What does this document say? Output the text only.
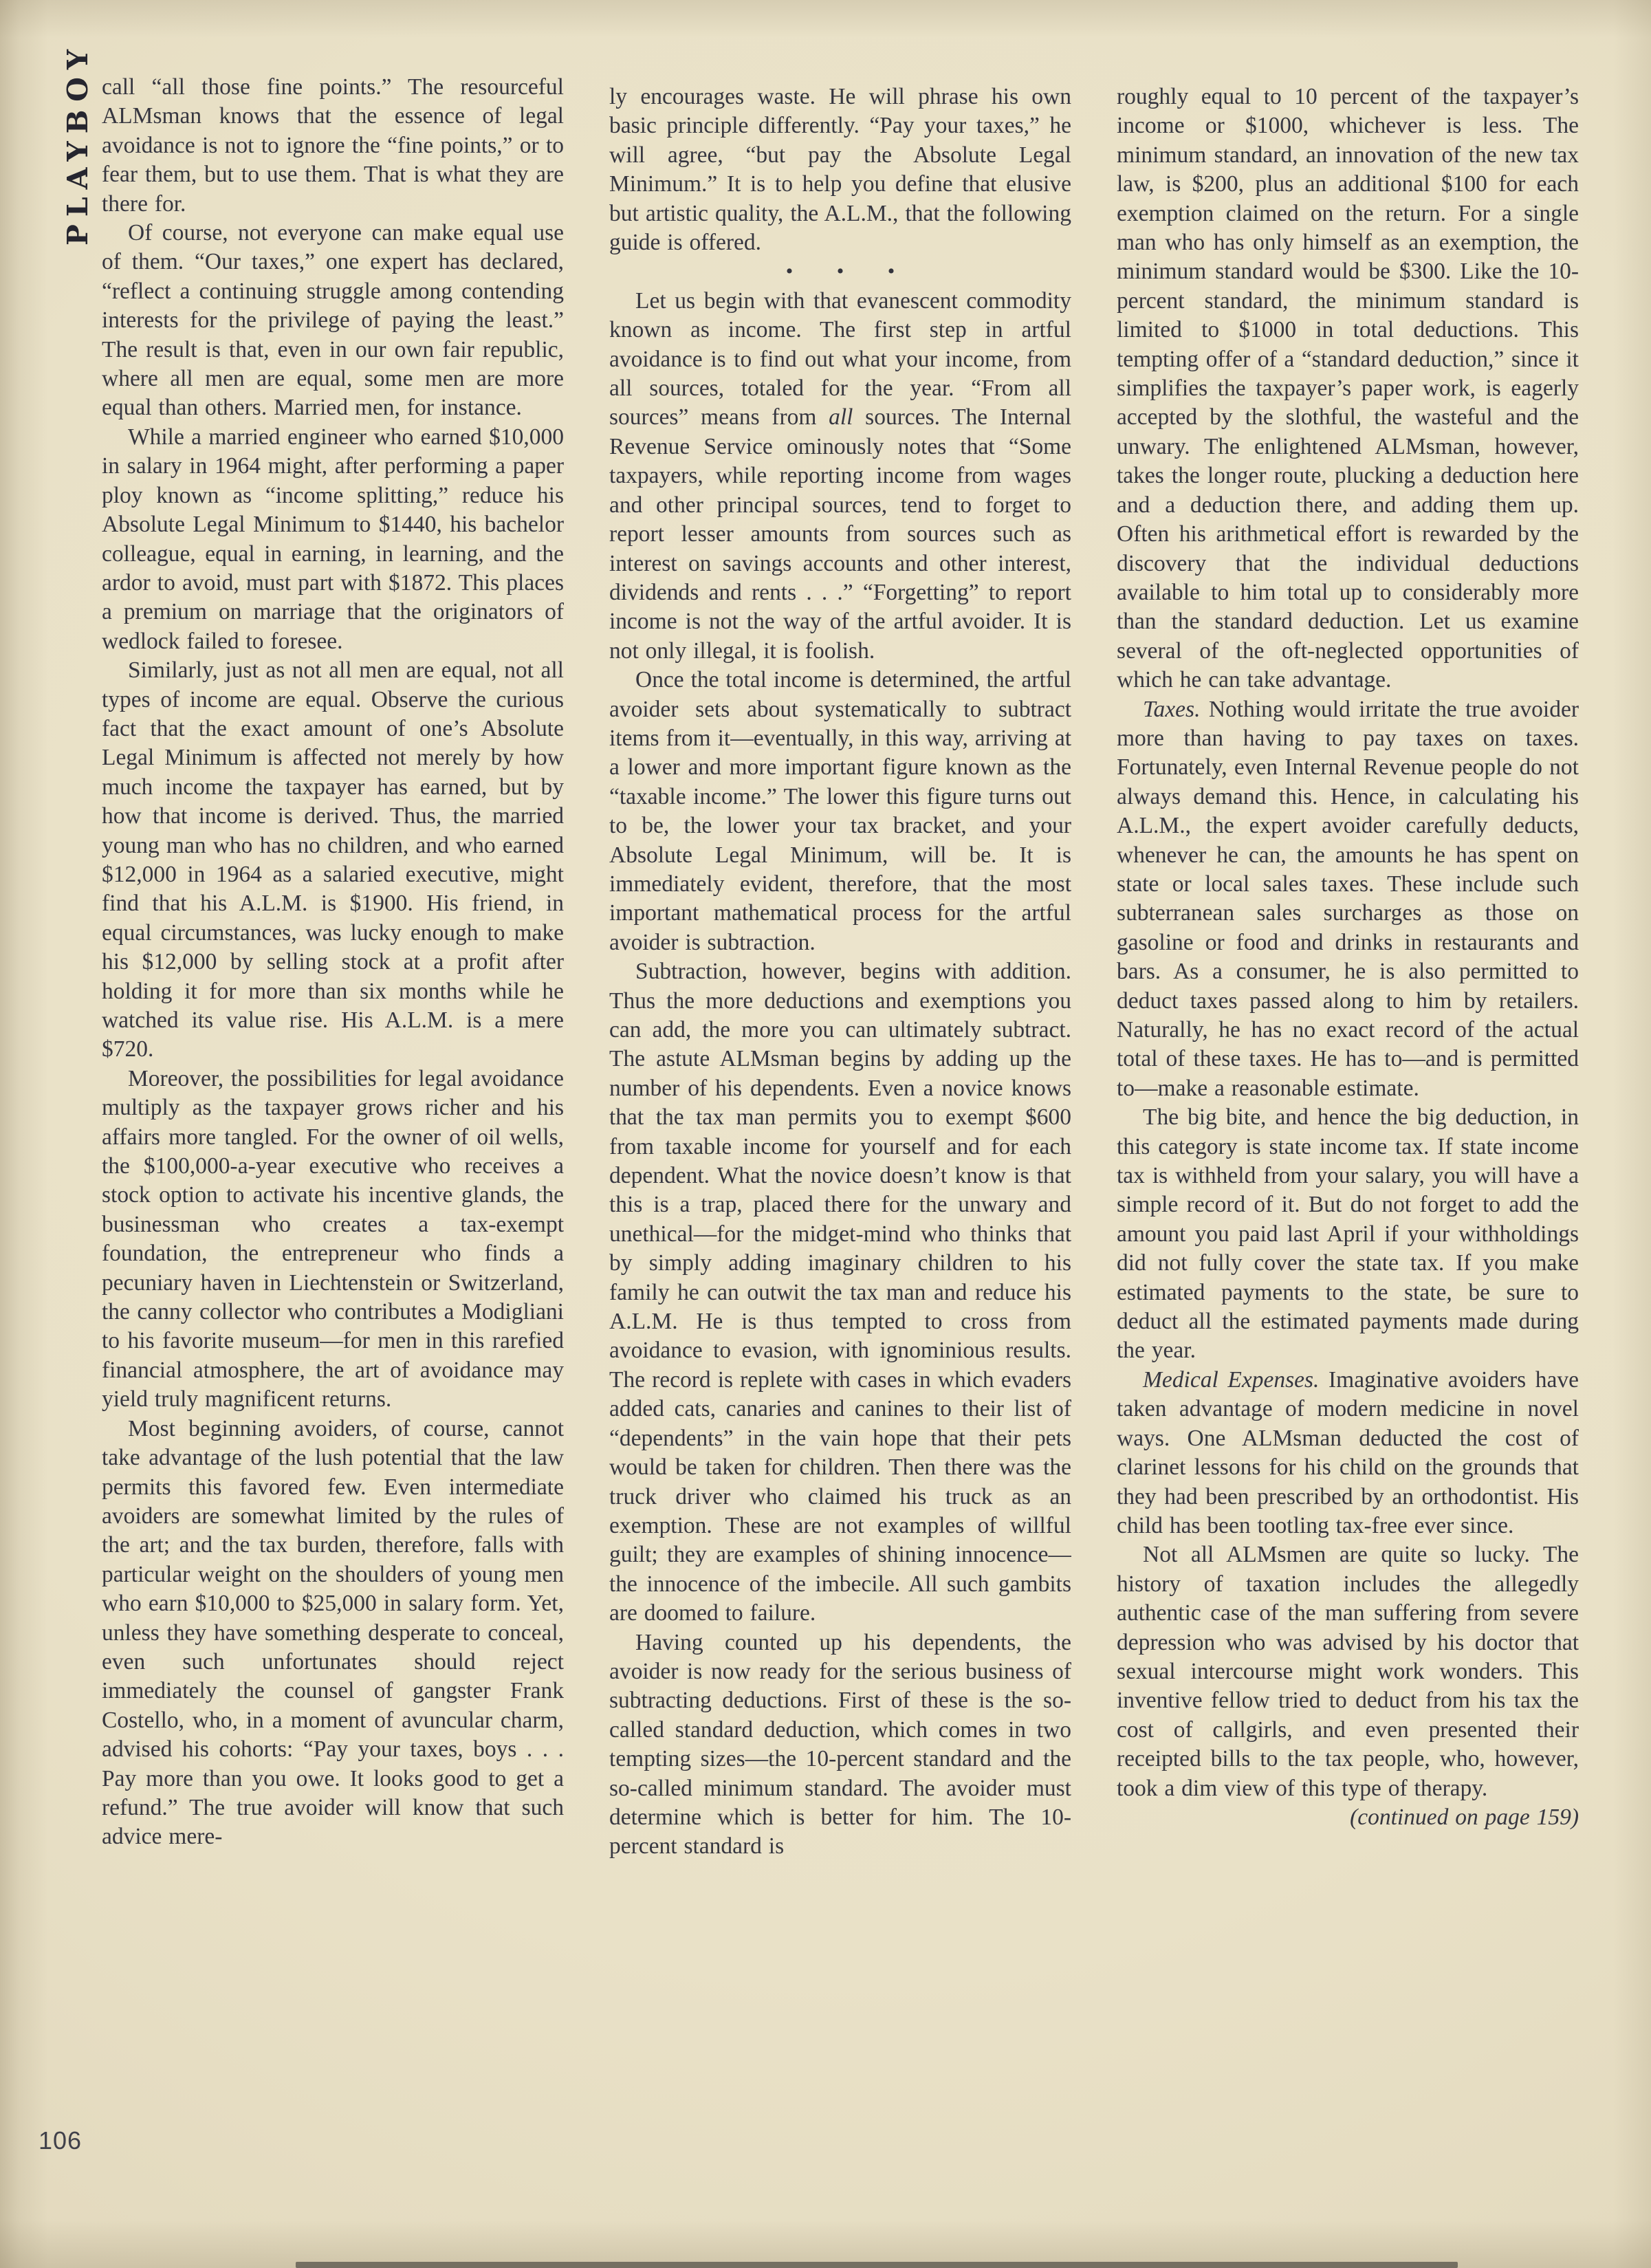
PLAYBOY call “all those fine points.” The resourceful ALMsman knows that the essence of legal avoidance is not to ignore the “fine points,” or to fear them, but to use them. That is what they are there for.

Of course, not everyone can make equal use of them. “Our taxes,” one expert has declared, “reflect a continuing struggle among contending interests for the privilege of paying the least.” The result is that, even in our own fair republic, where all men are equal, some men are more equal than others. Married men, for instance.

While a married engineer who earned $10,000 in salary in 1964 might, after performing a paper ploy known as “income splitting,” reduce his Absolute Legal Minimum to $1440, his bachelor colleague, equal in earning, in learning, and the ardor to avoid, must part with $1872. This places a premium on marriage that the originators of wedlock failed to foresee.

Similarly, just as not all men are equal, not all types of income are equal. Observe the curious fact that the exact amount of one’s Absolute Legal Minimum is affected not merely by how much income the taxpayer has earned, but by how that income is derived. Thus, the married young man who has no children, and who earned $12,000 in 1964 as a salaried executive, might find that his A.L.M. is $1900. His friend, in equal circumstances, was lucky enough to make his $12,000 by selling stock at a profit after holding it for more than six months while he watched its value rise. His A.L.M. is a mere $720.

Moreover, the possibilities for legal avoidance multiply as the taxpayer grows richer and his affairs more tangled. For the owner of oil wells, the $100,000-a-year executive who receives a stock option to activate his incentive glands, the businessman who creates a tax-exempt foundation, the entrepreneur who finds a pecuniary haven in Liechtenstein or Switzerland, the canny collector who contributes a Modigliani to his favorite museum—for men in this rarefied financial atmosphere, the art of avoidance may yield truly magnificent returns.

Most beginning avoiders, of course, cannot take advantage of the lush potential that the law permits this favored few. Even intermediate avoiders are somewhat limited by the rules of the art; and the tax burden, therefore, falls with particular weight on the shoulders of young men who earn $10,000 to $25,000 in salary form. Yet, unless they have something desperate to conceal, even such unfortunates should reject immediately the counsel of gangster Frank Costello, who, in a moment of avuncular charm, advised his cohorts: “Pay your taxes, boys . . . Pay more than you owe. It looks good to get a refund.” The true avoider will know that such advice mere-

ly encourages waste. He will phrase his own basic principle differently. “Pay your taxes,” he will agree, “but pay the Absolute Legal Minimum.” It is to help you define that elusive but artistic quality, the A.L.M., that the following guide is offered.

• • •

Let us begin with that evanescent commodity known as income. The first step in artful avoidance is to find out what your income, from all sources, totaled for the year. “From all sources” means from all sources. The Internal Revenue Service ominously notes that “Some taxpayers, while reporting income from wages and other principal sources, tend to forget to report lesser amounts from sources such as interest on savings accounts and other interest, dividends and rents . . .” “Forgetting” to report income is not the way of the artful avoider. It is not only illegal, it is foolish.

Once the total income is determined, the artful avoider sets about systematically to subtract items from it—eventually, in this way, arriving at a lower and more important figure known as the “taxable income.” The lower this figure turns out to be, the lower your tax bracket, and your Absolute Legal Minimum, will be. It is immediately evident, therefore, that the most important mathematical process for the artful avoider is subtraction.

Subtraction, however, begins with addition. Thus the more deductions and exemptions you can add, the more you can ultimately subtract. The astute ALMsman begins by adding up the number of his dependents. Even a novice knows that the tax man permits you to exempt $600 from taxable income for yourself and for each dependent. What the novice doesn’t know is that this is a trap, placed there for the unwary and unethical—for the midget-mind who thinks that by simply adding imaginary children to his family he can outwit the tax man and reduce his A.L.M. He is thus tempted to cross from avoidance to evasion, with ignominious results. The record is replete with cases in which evaders added cats, canaries and canines to their list of “dependents” in the vain hope that their pets would be taken for children. Then there was the truck driver who claimed his truck as an exemption. These are not examples of willful guilt; they are examples of shining innocence—the innocence of the imbecile. All such gambits are doomed to failure.

Having counted up his dependents, the avoider is now ready for the serious business of subtracting deductions. First of these is the so-called standard deduction, which comes in two tempting sizes—the 10-percent standard and the so-called minimum standard. The avoider must determine which is better for him. The 10-percent standard is

roughly equal to 10 percent of the taxpayer’s income or $1000, whichever is less. The minimum standard, an innovation of the new tax law, is $200, plus an additional $100 for each exemption claimed on the return. For a single man who has only himself as an exemption, the minimum standard would be $300. Like the 10-percent standard, the minimum standard is limited to $1000 in total deductions. This tempting offer of a “standard deduction,” since it simplifies the taxpayer’s paper work, is eagerly accepted by the slothful, the wasteful and the unwary. The enlightened ALMsman, however, takes the longer route, plucking a deduction here and a deduction there, and adding them up. Often his arithmetical effort is rewarded by the discovery that the individual deductions available to him total up to considerably more than the standard deduction. Let us examine several of the oft-neglected opportunities of which he can take advantage.

Taxes. Nothing would irritate the true avoider more than having to pay taxes on taxes. Fortunately, even Internal Revenue people do not always demand this. Hence, in calculating his A.L.M., the expert avoider carefully deducts, whenever he can, the amounts he has spent on state or local sales taxes. These include such subterranean sales surcharges as those on gasoline or food and drinks in restaurants and bars. As a consumer, he is also permitted to deduct taxes passed along to him by retailers. Naturally, he has no exact record of the actual total of these taxes. He has to—and is permitted to—make a reasonable estimate.

The big bite, and hence the big deduction, in this category is state income tax. If state income tax is withheld from your salary, you will have a simple record of it. But do not forget to add the amount you paid last April if your withholdings did not fully cover the state tax. If you make estimated payments to the state, be sure to deduct all the estimated payments made during the year.

Medical Expenses. Imaginative avoiders have taken advantage of modern medicine in novel ways. One ALMsman deducted the cost of clarinet lessons for his child on the grounds that they had been prescribed by an orthodontist. His child has been tootling tax-free ever since.

Not all ALMsmen are quite so lucky. The history of taxation includes the allegedly authentic case of the man suffering from severe depression who was advised by his doctor that sexual intercourse might work wonders. This inventive fellow tried to deduct from his tax the cost of callgirls, and even presented their receipted bills to the tax people, who, however, took a dim view of this type of therapy.

(continued on page 159)

106
